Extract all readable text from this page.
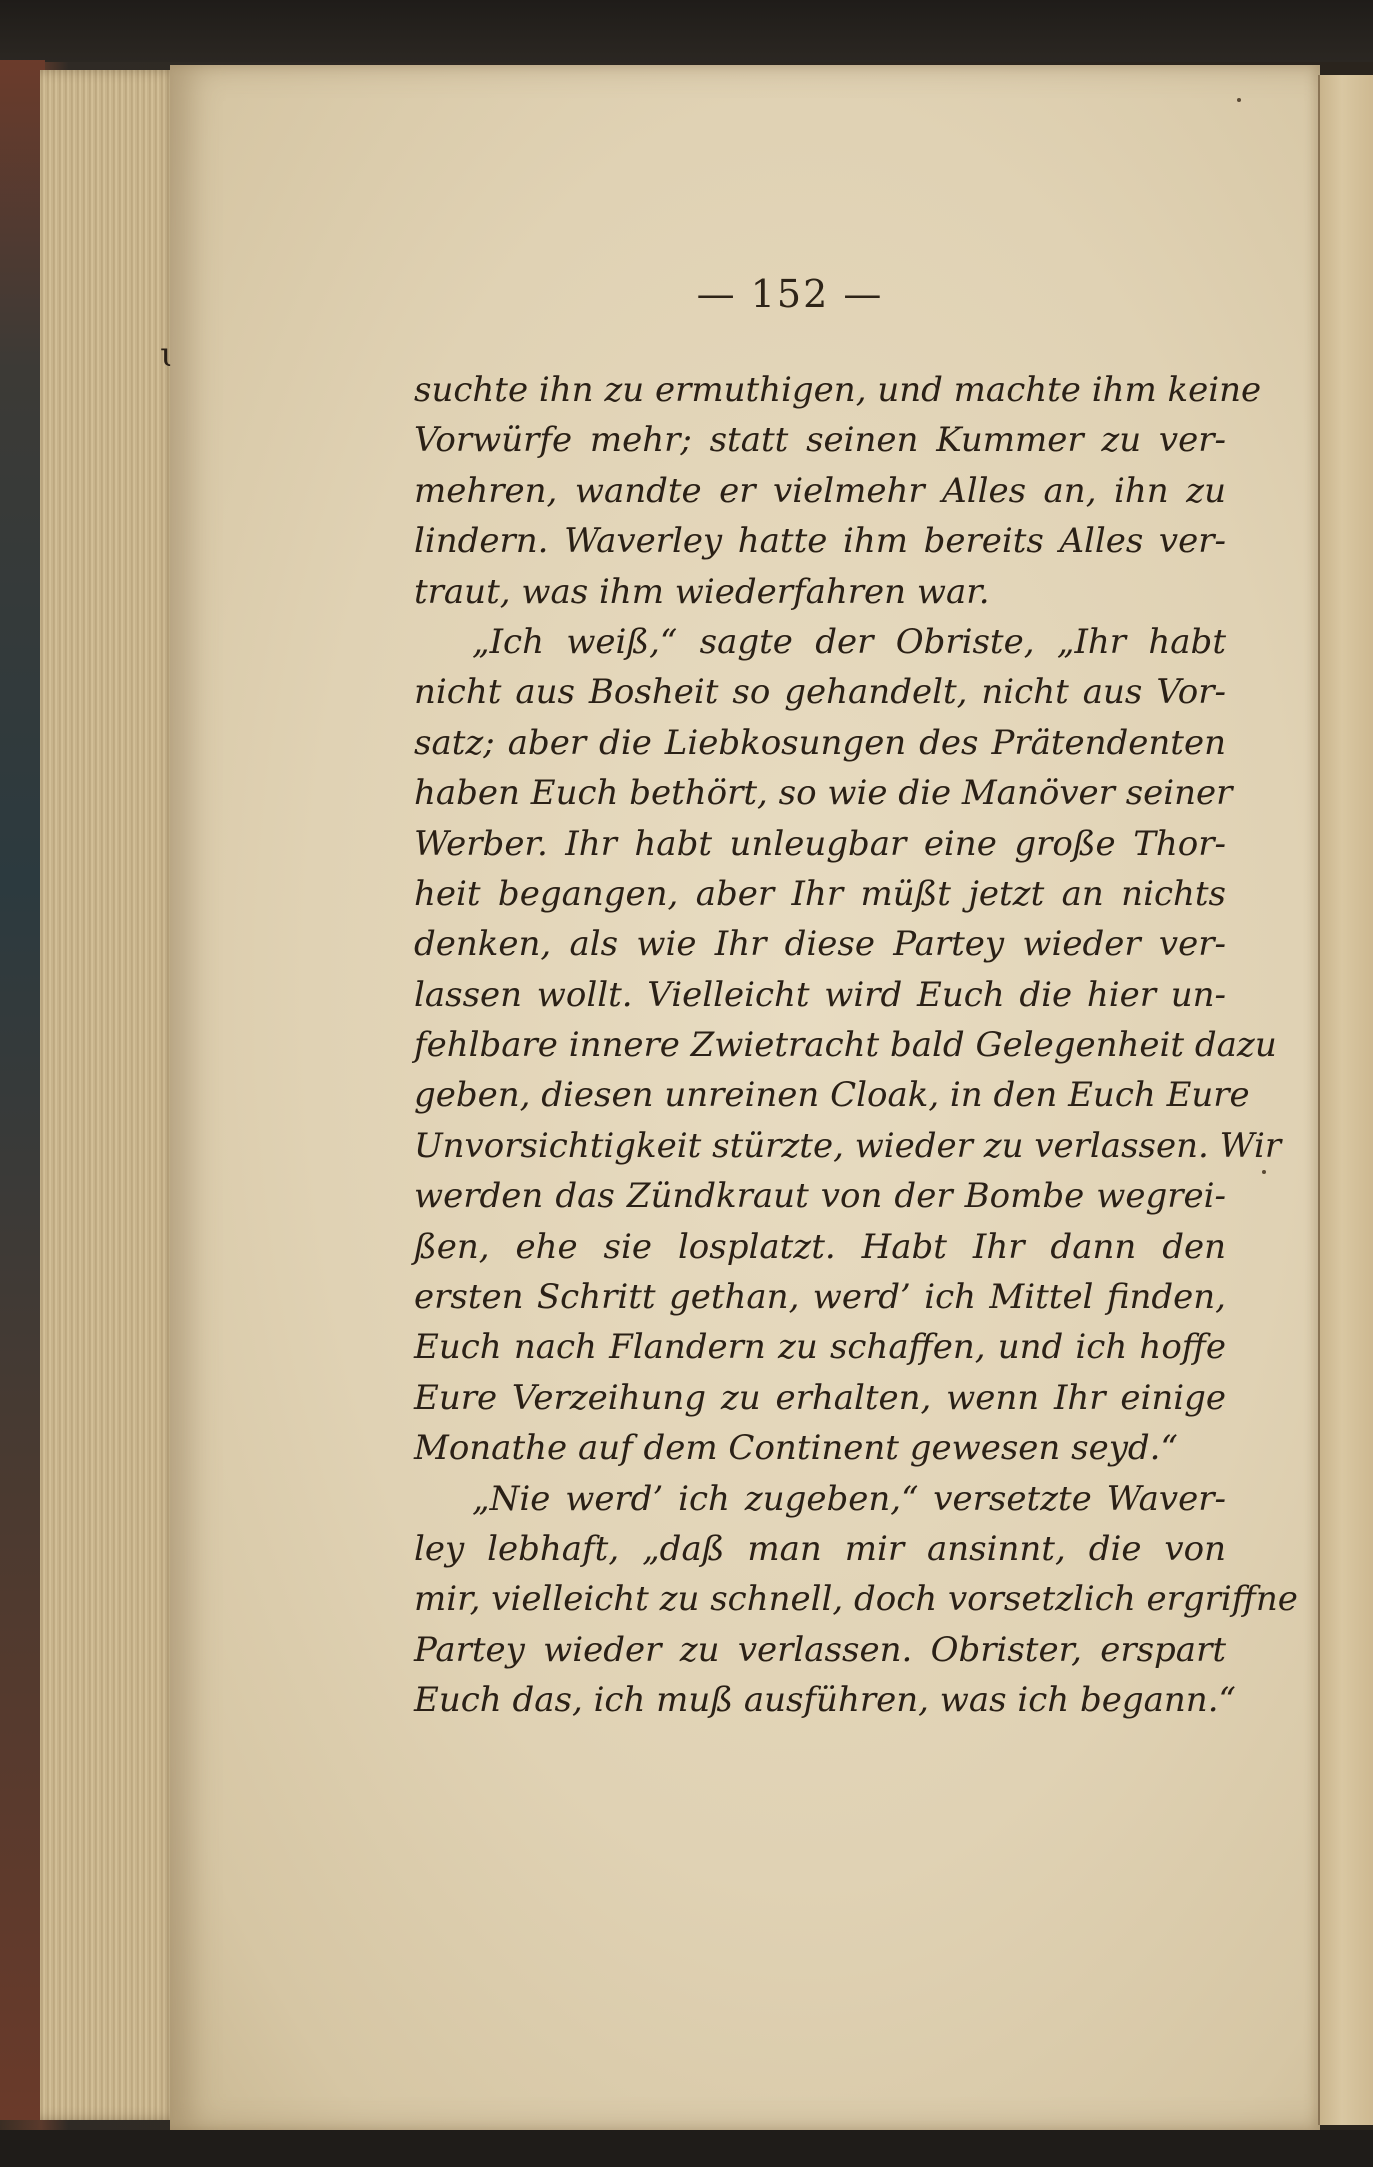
ɩ
— 152 —
suchte ihn zu ermuthigen, und machte ihm keine
Vorwürfe mehr; statt seinen Kummer zu ver-
mehren, wandte er vielmehr Alles an, ihn zu
lindern. Waverley hatte ihm bereits Alles ver-
traut, was ihm wiederfahren war.
„Ich weiß,“ sagte der Obriste, „Ihr habt
nicht aus Bosheit so gehandelt, nicht aus Vor-
satz; aber die Liebkosungen des Prätendenten
haben Euch bethört, so wie die Manöver seiner
Werber. Ihr habt unleugbar eine große Thor-
heit begangen, aber Ihr müßt jetzt an nichts
denken, als wie Ihr diese Partey wieder ver-
lassen wollt. Vielleicht wird Euch die hier un-
fehlbare innere Zwietracht bald Gelegenheit dazu
geben, diesen unreinen Cloak, in den Euch Eure
Unvorsichtigkeit stürzte, wieder zu verlassen. Wir
werden das Zündkraut von der Bombe wegrei-
ßen, ehe sie losplatzt. Habt Ihr dann den
ersten Schritt gethan, werd’ ich Mittel finden,
Euch nach Flandern zu schaffen, und ich hoffe
Eure Verzeihung zu erhalten, wenn Ihr einige
Monathe auf dem Continent gewesen seyd.“
„Nie werd’ ich zugeben,“ versetzte Waver-
ley lebhaft, „daß man mir ansinnt, die von
mir, vielleicht zu schnell, doch vorsetzlich ergriffne
Partey wieder zu verlassen. Obrister, erspart
Euch das, ich muß ausführen, was ich begann.“
